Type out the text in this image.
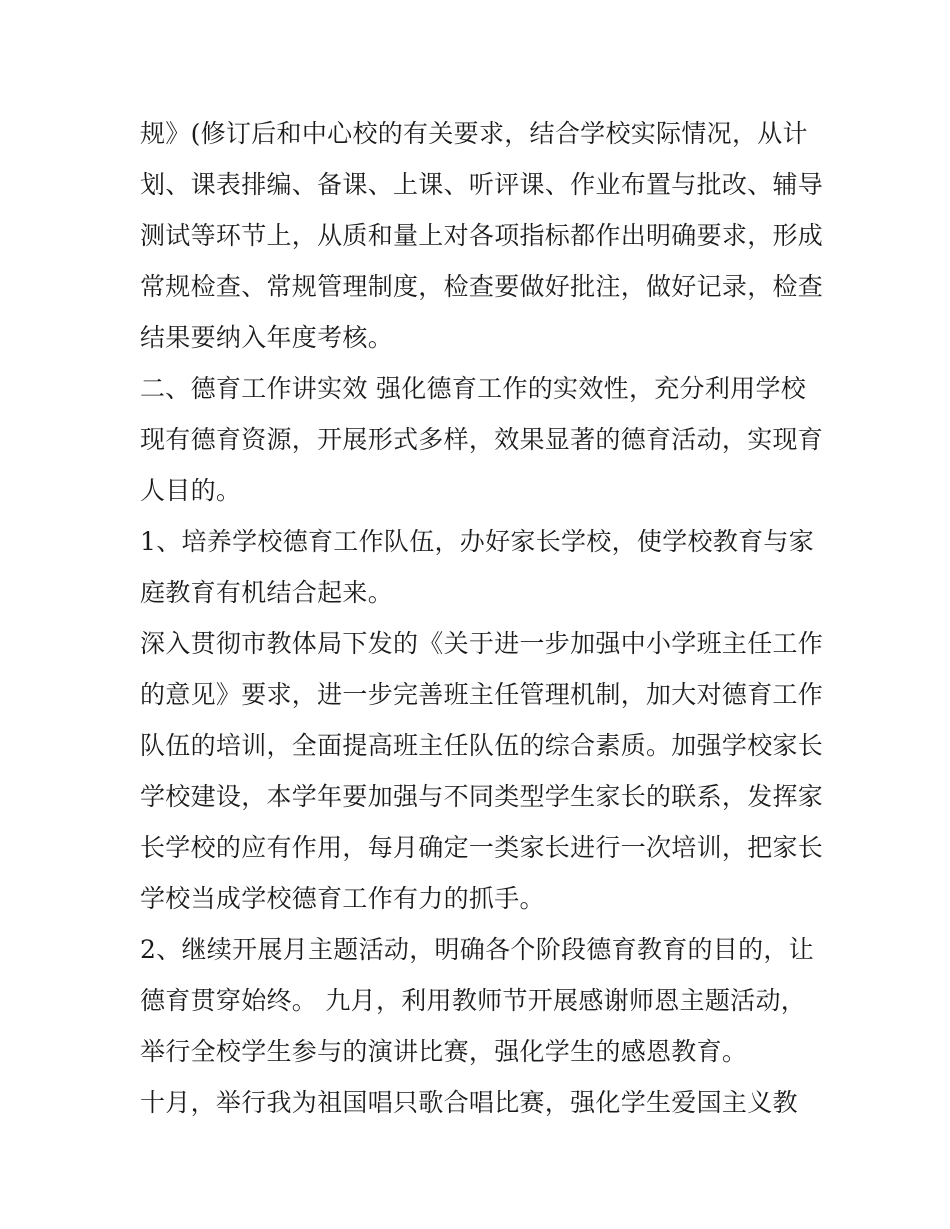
规》(修订后和中心校的有关要求，结合学校实际情况，从计
划、课表排编、备课、上课、听评课、作业布置与批改、辅导
测试等环节上，从质和量上对各项指标都作出明确要求，形成
常规检查、常规管理制度，检查要做好批注，做好记录，检查
结果要纳入年度考核。
二、德育工作讲实效 强化德育工作的实效性，充分利用学校
现有德育资源，开展形式多样，效果显著的德育活动，实现育
人目的。
1、培养学校德育工作队伍，办好家长学校，使学校教育与家
庭教育有机结合起来。
深入贯彻市教体局下发的《关于进一步加强中小学班主任工作
的意见》要求，进一步完善班主任管理机制，加大对德育工作
队伍的培训，全面提高班主任队伍的综合素质。加强学校家长
学校建设，本学年要加强与不同类型学生家长的联系，发挥家
长学校的应有作用，每月确定一类家长进行一次培训，把家长
学校当成学校德育工作有力的抓手。
2、继续开展月主题活动，明确各个阶段德育教育的目的，让
德育贯穿始终。 九月，利用教师节开展感谢师恩主题活动，
举行全校学生参与的演讲比赛，强化学生的感恩教育。
十月，举行我为祖国唱只歌合唱比赛，强化学生爱国主义教
